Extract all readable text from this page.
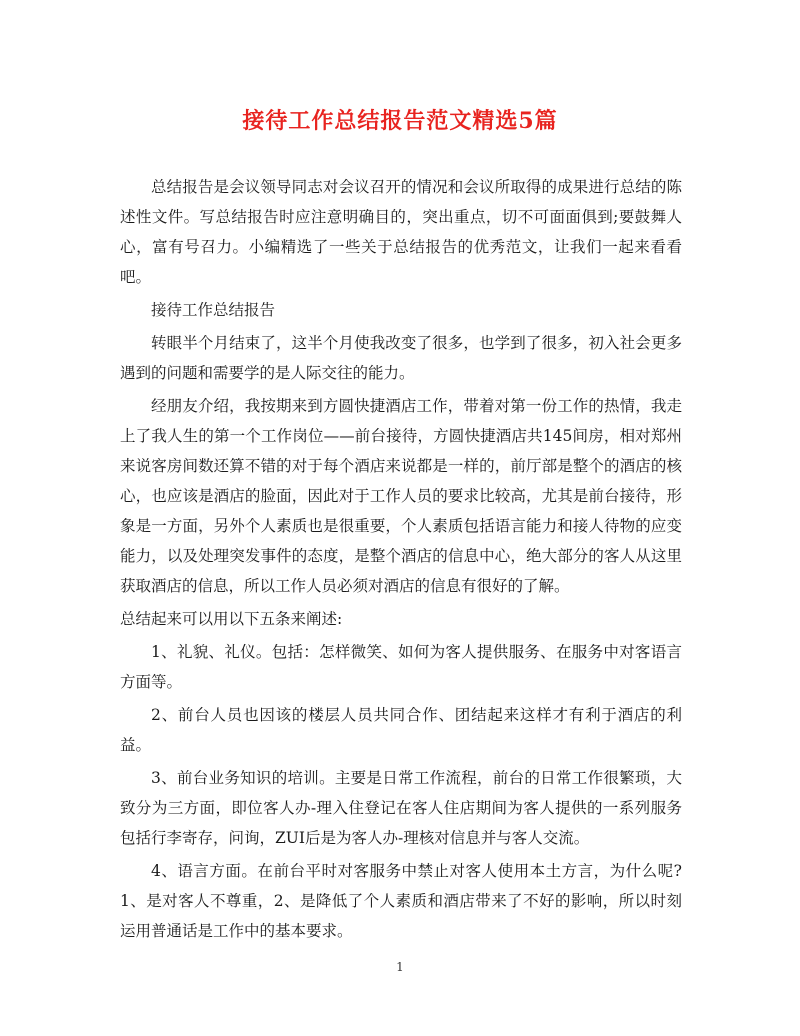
接待工作总结报告范文精选5篇

总结报告是会议领导同志对会议召开的情况和会议所取得的成果进行总结的陈述性文件。写总结报告时应注意明确目的，突出重点，切不可面面俱到;要鼓舞人心，富有号召力。小编精选了一些关于总结报告的优秀范文，让我们一起来看看吧。

接待工作总结报告

转眼半个月结束了，这半个月使我改变了很多，也学到了很多，初入社会更多遇到的问题和需要学的是人际交往的能力。

经朋友介绍，我按期来到方圆快捷酒店工作，带着对第一份工作的热情，我走上了我人生的第一个工作岗位——前台接待，方圆快捷酒店共145间房，相对郑州来说客房间数还算不错的对于每个酒店来说都是一样的，前厅部是整个的酒店的核心，也应该是酒店的脸面，因此对于工作人员的要求比较高，尤其是前台接待，形象是一方面，另外个人素质也是很重要，个人素质包括语言能力和接人待物的应变能力，以及处理突发事件的态度，是整个酒店的信息中心，绝大部分的客人从这里获取酒店的信息，所以工作人员必须对酒店的信息有很好的了解。

总结起来可以用以下五条来阐述:

1、礼貌、礼仪。包括：怎样微笑、如何为客人提供服务、在服务中对客语言方面等。

2、前台人员也因该的楼层人员共同合作、团结起来这样才有利于酒店的利益。

3、前台业务知识的培训。主要是日常工作流程，前台的日常工作很繁琐，大致分为三方面，即位客人办-理入住登记在客人住店期间为客人提供的一系列服务包括行李寄存，问询，ZUI后是为客人办-理核对信息并与客人交流。

4、语言方面。在前台平时对客服务中禁止对客人使用本土方言，为什么呢?1、是对客人不尊重，2、是降低了个人素质和酒店带来了不好的影响，所以时刻运用普通话是工作中的基本要求。

1
